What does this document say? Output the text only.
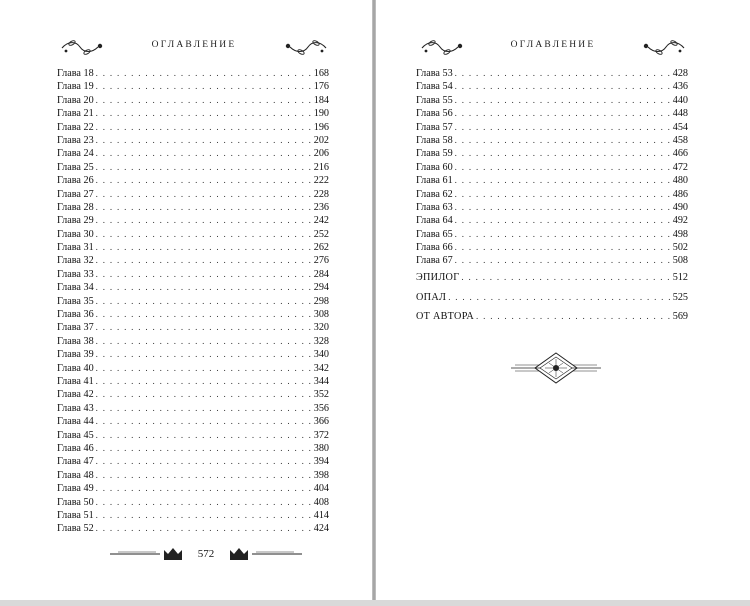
ОГЛАВЛЕНИЕ
Глава 18 . . .	168
Глава 19 . . .	176
Глава 20 . . .	184
Глава 21 . . .	190
Глава 22 . . .	196
Глава 23 . . .	202
Глава 24 . . .	206
Глава 25 . . .	216
Глава 26 . . .	222
Глава 27 . . .	228
Глава 28 . . .	236
Глава 29 . . .	242
Глава 30 . . .	252
Глава 31 . . .	262
Глава 32 . . .	276
Глава 33 . . .	284
Глава 34 . . .	294
Глава 35 . . .	298
Глава 36 . . .	308
Глава 37 . . .	320
Глава 38 . . .	328
Глава 39 . . .	340
Глава 40 . . .	342
Глава 41 . . .	344
Глава 42 . . .	352
Глава 43 . . .	356
Глава 44 . . .	366
Глава 45 . . .	372
Глава 46 . . .	380
Глава 47 . . .	394
Глава 48 . . .	398
Глава 49 . . .	404
Глава 50 . . .	408
Глава 51 . . .	414
Глава 52 . . .	424
572
ОГЛАВЛЕНИЕ
Глава 53 . . .	428
Глава 54 . . .	436
Глава 55 . . .	440
Глава 56 . . .	448
Глава 57 . . .	454
Глава 58 . . .	458
Глава 59 . . .	466
Глава 60 . . .	472
Глава 61 . . .	480
Глава 62 . . .	486
Глава 63 . . .	490
Глава 64 . . .	492
Глава 65 . . .	498
Глава 66 . . .	502
Глава 67 . . .	508
ЭПИЛОГ . . .	512
ОПАЛ . . .	525
ОТ АВТОРА . . .	569
